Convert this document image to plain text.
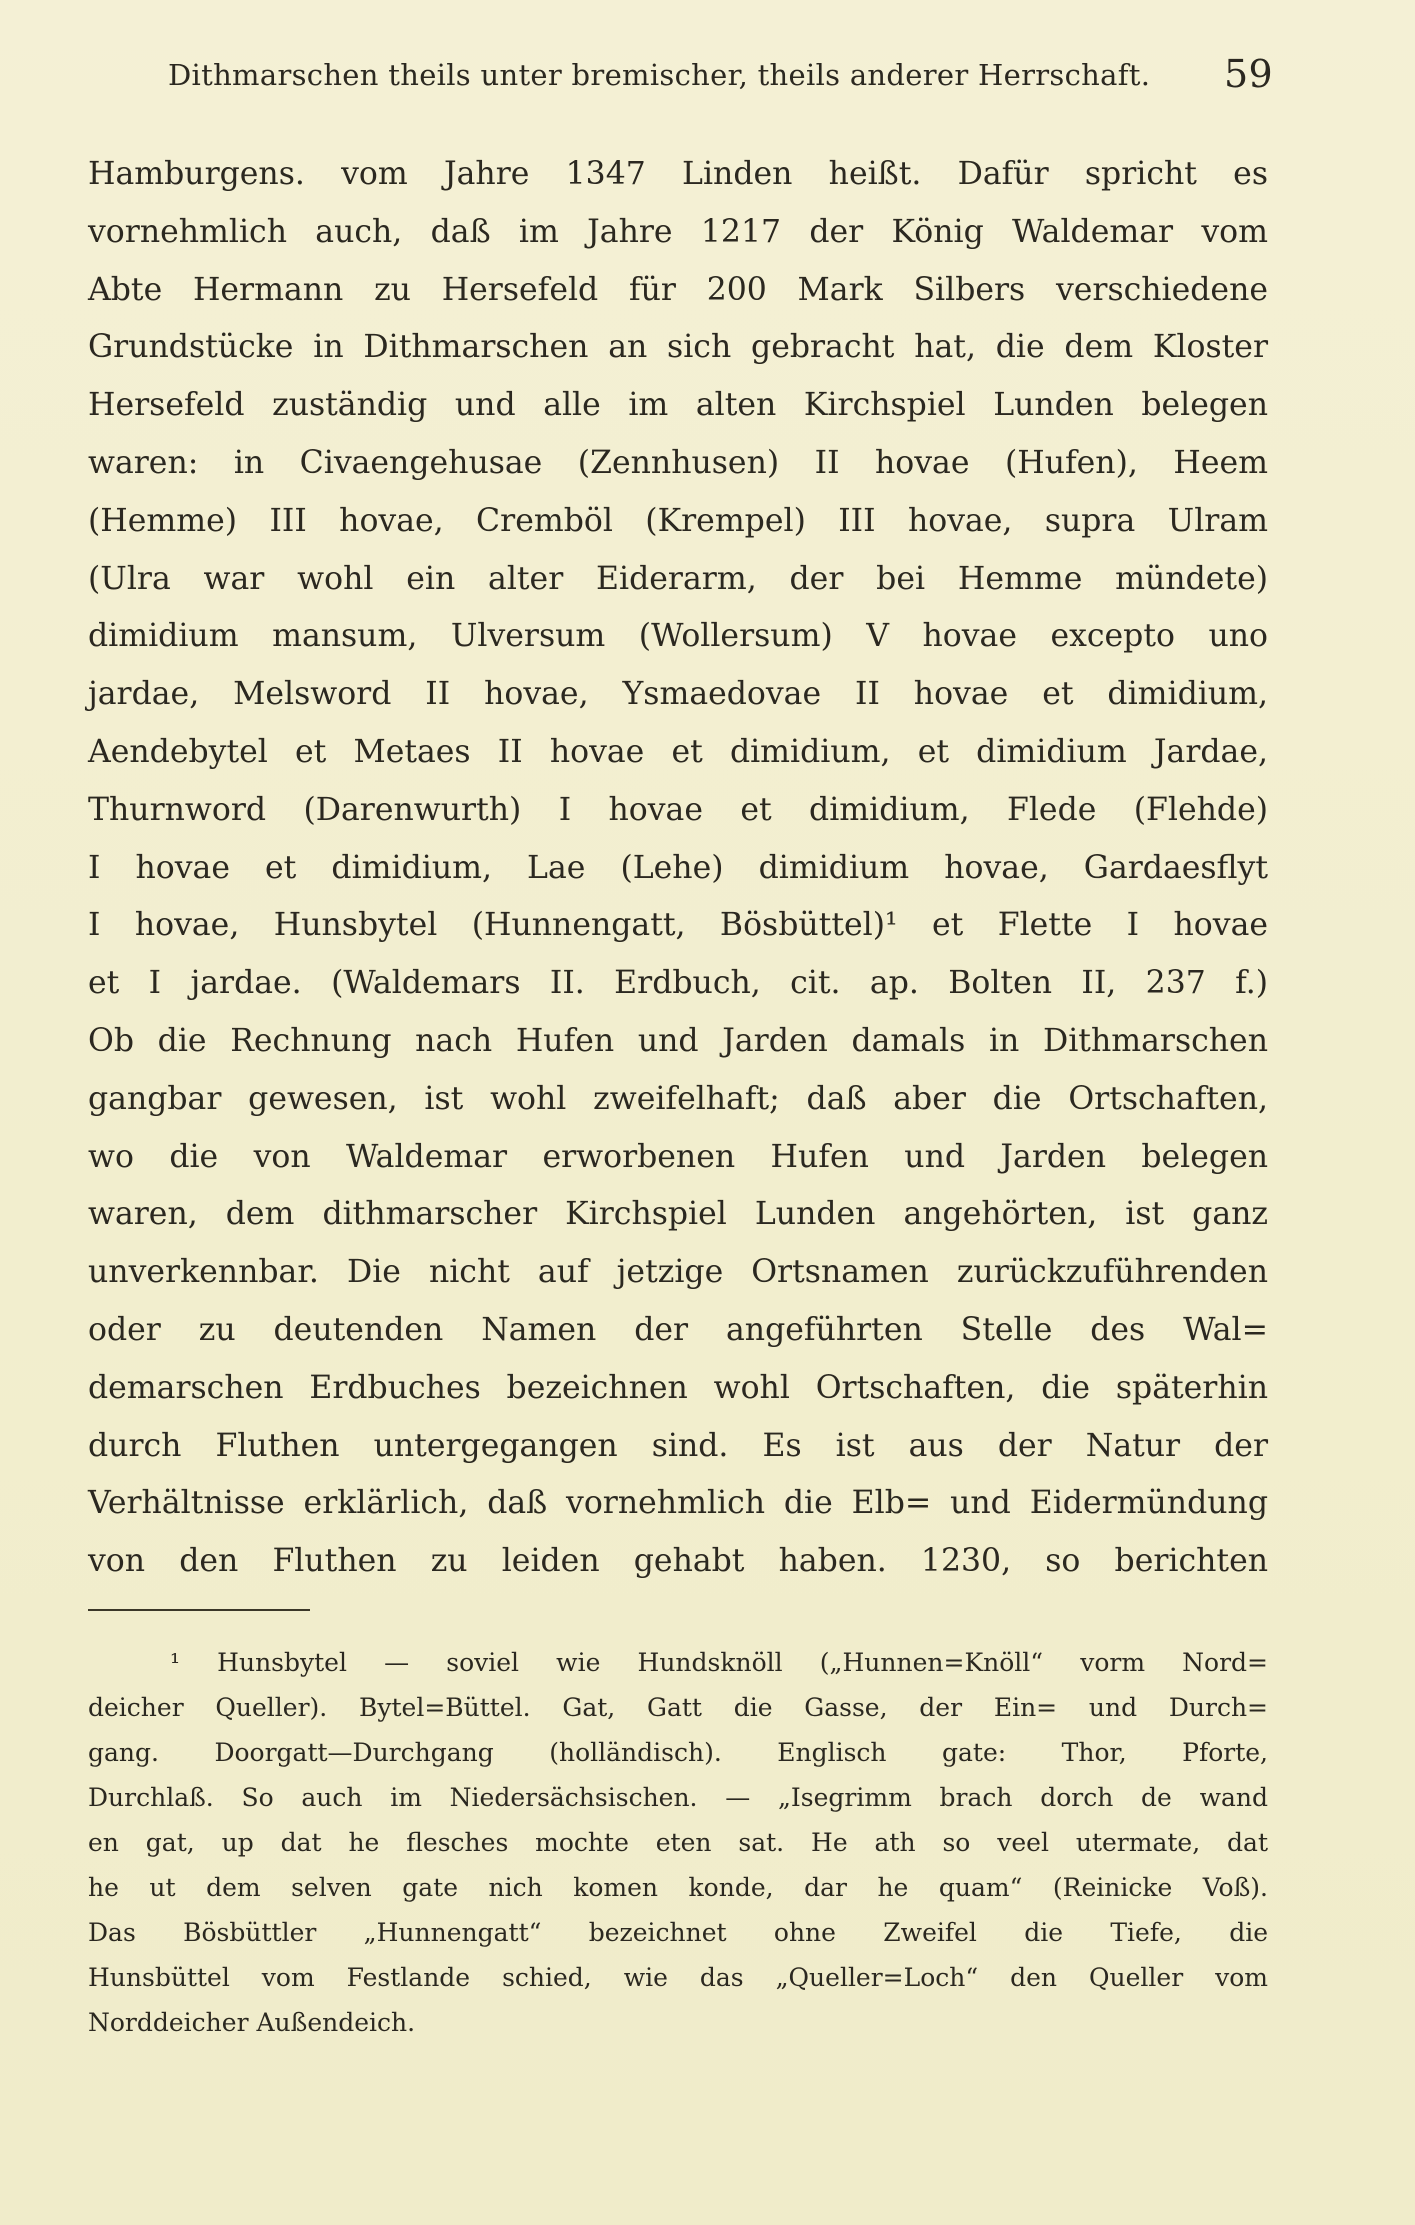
Dithmarschen theils unter bremischer, theils anderer Herrschaft. 59
Hamburgens. vom Jahre 1347 Linden heißt. Dafür spricht es
vornehmlich auch, daß im Jahre 1217 der König Waldemar vom
Abte Hermann zu Hersefeld für 200 Mark Silbers verschiedene
Grundstücke in Dithmarschen an sich gebracht hat, die dem Kloster
Hersefeld zuständig und alle im alten Kirchspiel Lunden belegen
waren: in Civaengehusae (Zennhusen) II hovae (Hufen), Heem
(Hemme) III hovae, Cremböl (Krempel) III hovae, supra Ulram
(Ulra war wohl ein alter Eiderarm, der bei Hemme mündete)
dimidium mansum, Ulversum (Wollersum) V hovae excepto uno
jardae, Melsword II hovae, Ysmaedovae II hovae et dimidium,
Aendebytel et Metaes II hovae et dimidium, et dimidium Jardae,
Thurnword (Darenwurth) I hovae et dimidium, Flede (Flehde)
I hovae et dimidium, Lae (Lehe) dimidium hovae, Gardaesflyt
I hovae, Hunsbytel (Hunnengatt, Bösbüttel)¹ et Flette I hovae
et I jardae. (Waldemars II. Erdbuch, cit. ap. Bolten II, 237 f.)
Ob die Rechnung nach Hufen und Jarden damals in Dithmarschen
gangbar gewesen, ist wohl zweifelhaft; daß aber die Ortschaften,
wo die von Waldemar erworbenen Hufen und Jarden belegen
waren, dem dithmarscher Kirchspiel Lunden angehörten, ist ganz
unverkennbar. Die nicht auf jetzige Ortsnamen zurückzuführenden
oder zu deutenden Namen der angeführten Stelle des Wal=
demarschen Erdbuches bezeichnen wohl Ortschaften, die späterhin
durch Fluthen untergegangen sind. Es ist aus der Natur der
Verhältnisse erklärlich, daß vornehmlich die Elb= und Eidermündung
von den Fluthen zu leiden gehabt haben. 1230, so berichten
¹ Hunsbytel — soviel wie Hundsknöll („Hunnen=Knöll“ vorm Nord=
deicher Queller). Bytel=Büttel. Gat, Gatt die Gasse, der Ein= und Durch=
gang. Doorgatt—Durchgang (holländisch). Englisch gate: Thor, Pforte,
Durchlaß. So auch im Niedersächsischen. — „Isegrimm brach dorch de wand
en gat, up dat he flesches mochte eten sat. He ath so veel utermate, dat
he ut dem selven gate nich komen konde, dar he quam“ (Reinicke Voß).
Das Bösbüttler „Hunnengatt“ bezeichnet ohne Zweifel die Tiefe, die
Hunsbüttel vom Festlande schied, wie das „Queller=Loch“ den Queller vom
Norddeicher Außendeich.
